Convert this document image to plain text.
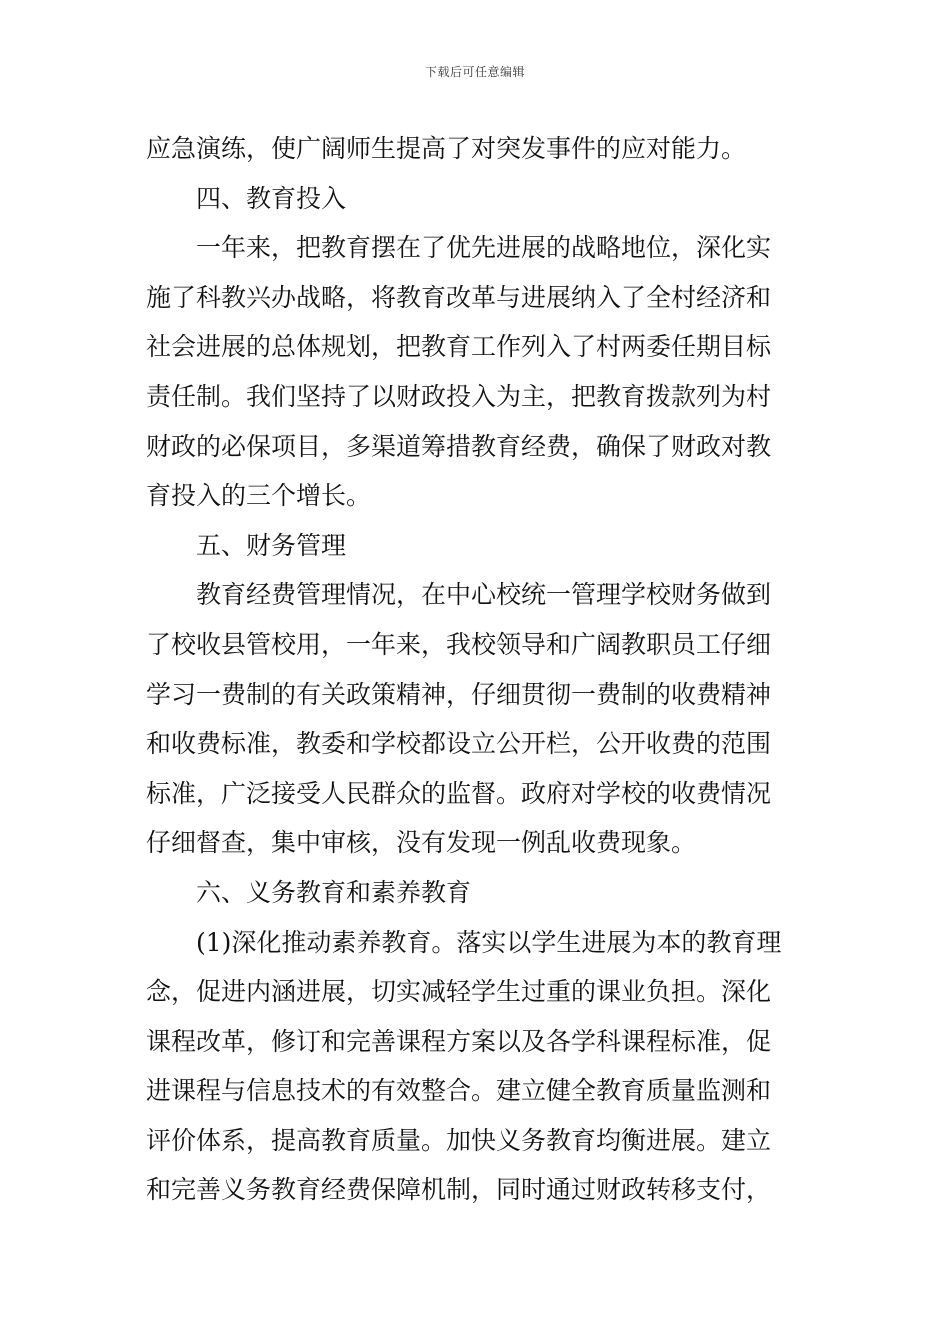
下载后可任意编辑
应急演练，使广阔师生提高了对突发事件的应对能力。
四、教育投入
一年来，把教育摆在了优先进展的战略地位，深化实
施了科教兴办战略，将教育改革与进展纳入了全村经济和
社会进展的总体规划，把教育工作列入了村两委任期目标
责任制。我们坚持了以财政投入为主，把教育拨款列为村
财政的必保项目，多渠道筹措教育经费，确保了财政对教
育投入的三个增长。
五、财务管理
教育经费管理情况，在中心校统一管理学校财务做到
了校收县管校用，一年来，我校领导和广阔教职员工仔细
学习一费制的有关政策精神，仔细贯彻一费制的收费精神
和收费标准，教委和学校都设立公开栏，公开收费的范围
标准，广泛接受人民群众的监督。政府对学校的收费情况
仔细督查，集中审核，没有发现一例乱收费现象。
六、义务教育和素养教育
(1)深化推动素养教育。落实以学生进展为本的教育理
念，促进内涵进展，切实减轻学生过重的课业负担。深化
课程改革，修订和完善课程方案以及各学科课程标准，促
进课程与信息技术的有效整合。建立健全教育质量监测和
评价体系，提高教育质量。加快义务教育均衡进展。建立
和完善义务教育经费保障机制，同时通过财政转移支付，
